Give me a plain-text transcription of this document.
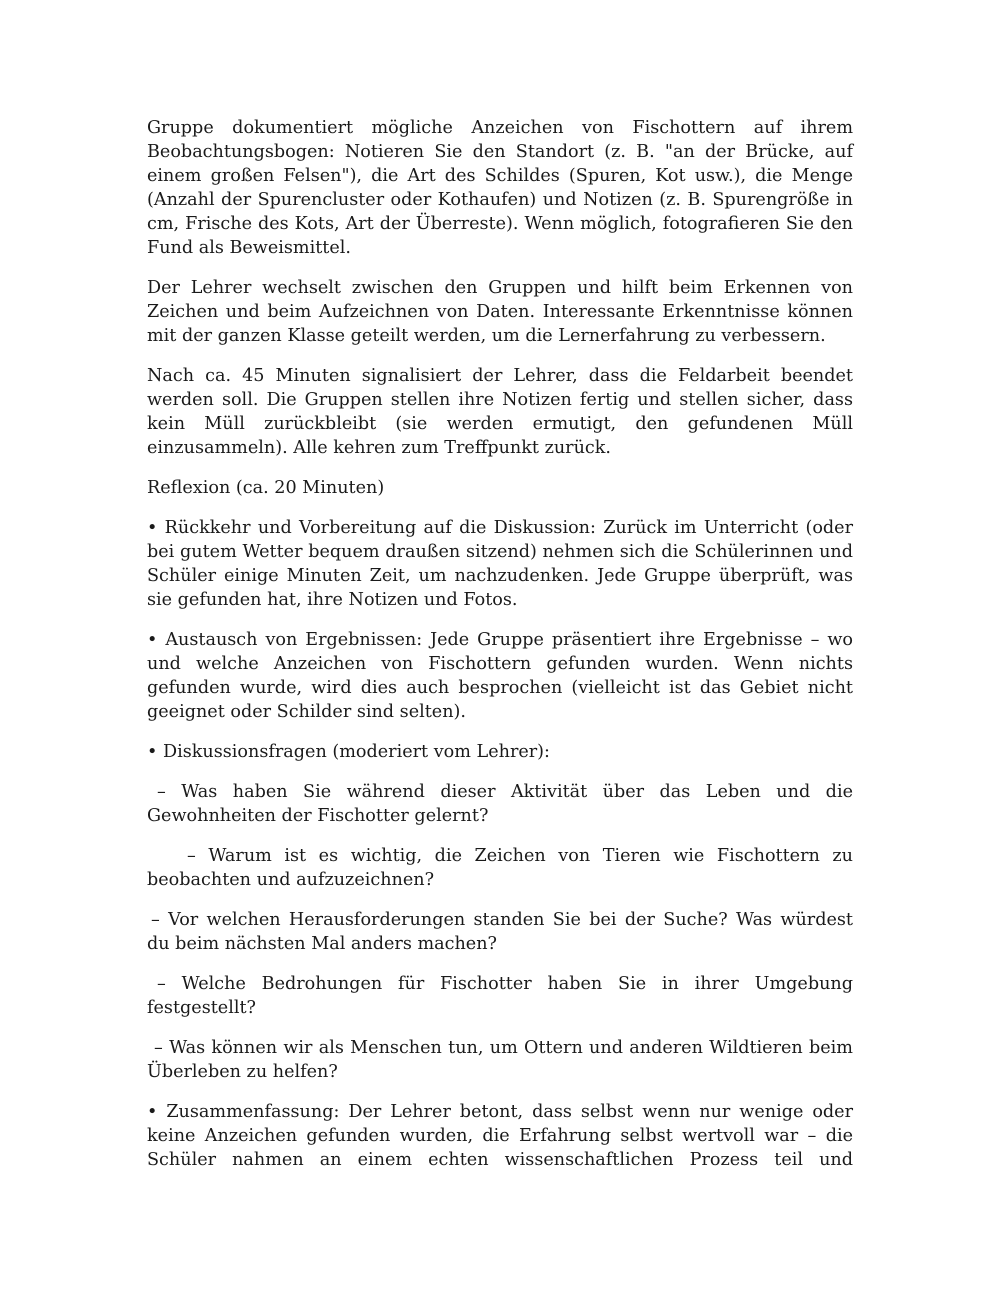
Gruppe dokumentiert mögliche Anzeichen von Fischottern auf ihrem Beobachtungsbogen: Notieren Sie den Standort (z. B. "an der Brücke, auf einem großen Felsen"), die Art des Schildes (Spuren, Kot usw.), die Menge (Anzahl der Spurencluster oder Kothaufen) und Notizen (z. B. Spurengröße in cm, Frische des Kots, Art der Überreste). Wenn möglich, fotografieren Sie den Fund als Beweismittel.

Der Lehrer wechselt zwischen den Gruppen und hilft beim Erkennen von Zeichen und beim Aufzeichnen von Daten. Interessante Erkenntnisse können mit der ganzen Klasse geteilt werden, um die Lernerfahrung zu verbessern.

Nach ca. 45 Minuten signalisiert der Lehrer, dass die Feldarbeit beendet werden soll. Die Gruppen stellen ihre Notizen fertig und stellen sicher, dass kein Müll zurückbleibt (sie werden ermutigt, den gefundenen Müll einzusammeln). Alle kehren zum Treffpunkt zurück.

Reflexion (ca. 20 Minuten)

• Rückkehr und Vorbereitung auf die Diskussion: Zurück im Unterricht (oder bei gutem Wetter bequem draußen sitzend) nehmen sich die Schülerinnen und Schüler einige Minuten Zeit, um nachzudenken. Jede Gruppe überprüft, was sie gefunden hat, ihre Notizen und Fotos.

• Austausch von Ergebnissen: Jede Gruppe präsentiert ihre Ergebnisse – wo und welche Anzeichen von Fischottern gefunden wurden. Wenn nichts gefunden wurde, wird dies auch besprochen (vielleicht ist das Gebiet nicht geeignet oder Schilder sind selten).

• Diskussionsfragen (moderiert vom Lehrer):

– Was haben Sie während dieser Aktivität über das Leben und die Gewohnheiten der Fischotter gelernt?

– Warum ist es wichtig, die Zeichen von Tieren wie Fischottern zu beobachten und aufzuzeichnen?

– Vor welchen Herausforderungen standen Sie bei der Suche? Was würdest du beim nächsten Mal anders machen?

– Welche Bedrohungen für Fischotter haben Sie in ihrer Umgebung festgestellt?

– Was können wir als Menschen tun, um Ottern und anderen Wildtieren beim Überleben zu helfen?

• Zusammenfassung: Der Lehrer betont, dass selbst wenn nur wenige oder keine Anzeichen gefunden wurden, die Erfahrung selbst wertvoll war – die Schüler nahmen an einem echten wissenschaftlichen Prozess teil und
